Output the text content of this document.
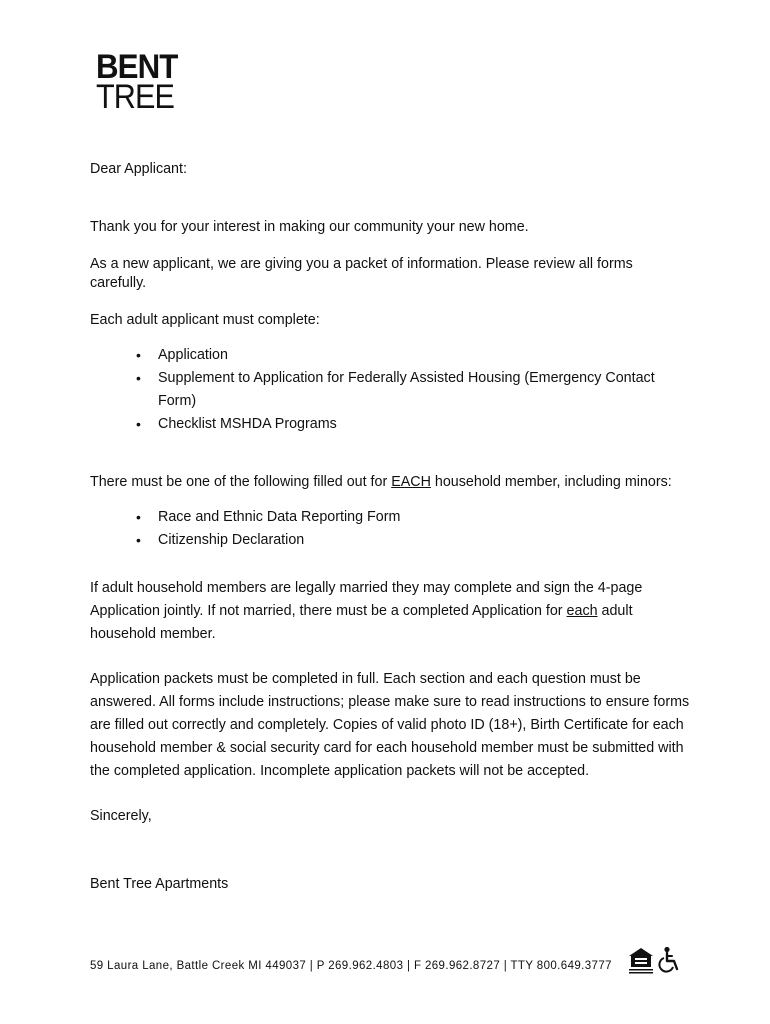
BENT
TREE

Dear Applicant:

Thank you for your interest in making our community your new home.

As a new applicant, we are giving you a packet of information. Please review all forms carefully.

Each adult applicant must complete:

• Application
• Supplement to Application for Federally Assisted Housing (Emergency Contact Form)
• Checklist MSHDA Programs

There must be one of the following filled out for EACH household member, including minors:

• Race and Ethnic Data Reporting Form
• Citizenship Declaration

If adult household members are legally married they may complete and sign the 4-page Application jointly. If not married, there must be a completed Application for each adult household member.

Application packets must be completed in full. Each section and each question must be answered. All forms include instructions; please make sure to read instructions to ensure forms are filled out correctly and completely. Copies of valid photo ID (18+), Birth Certificate for each household member & social security card for each household member must be submitted with the completed application. Incomplete application packets will not be accepted.

Sincerely,

Bent Tree Apartments

59 Laura Lane, Battle Creek MI 449037 | P 269.962.4803 | F 269.962.8727 | TTY 800.649.3777
